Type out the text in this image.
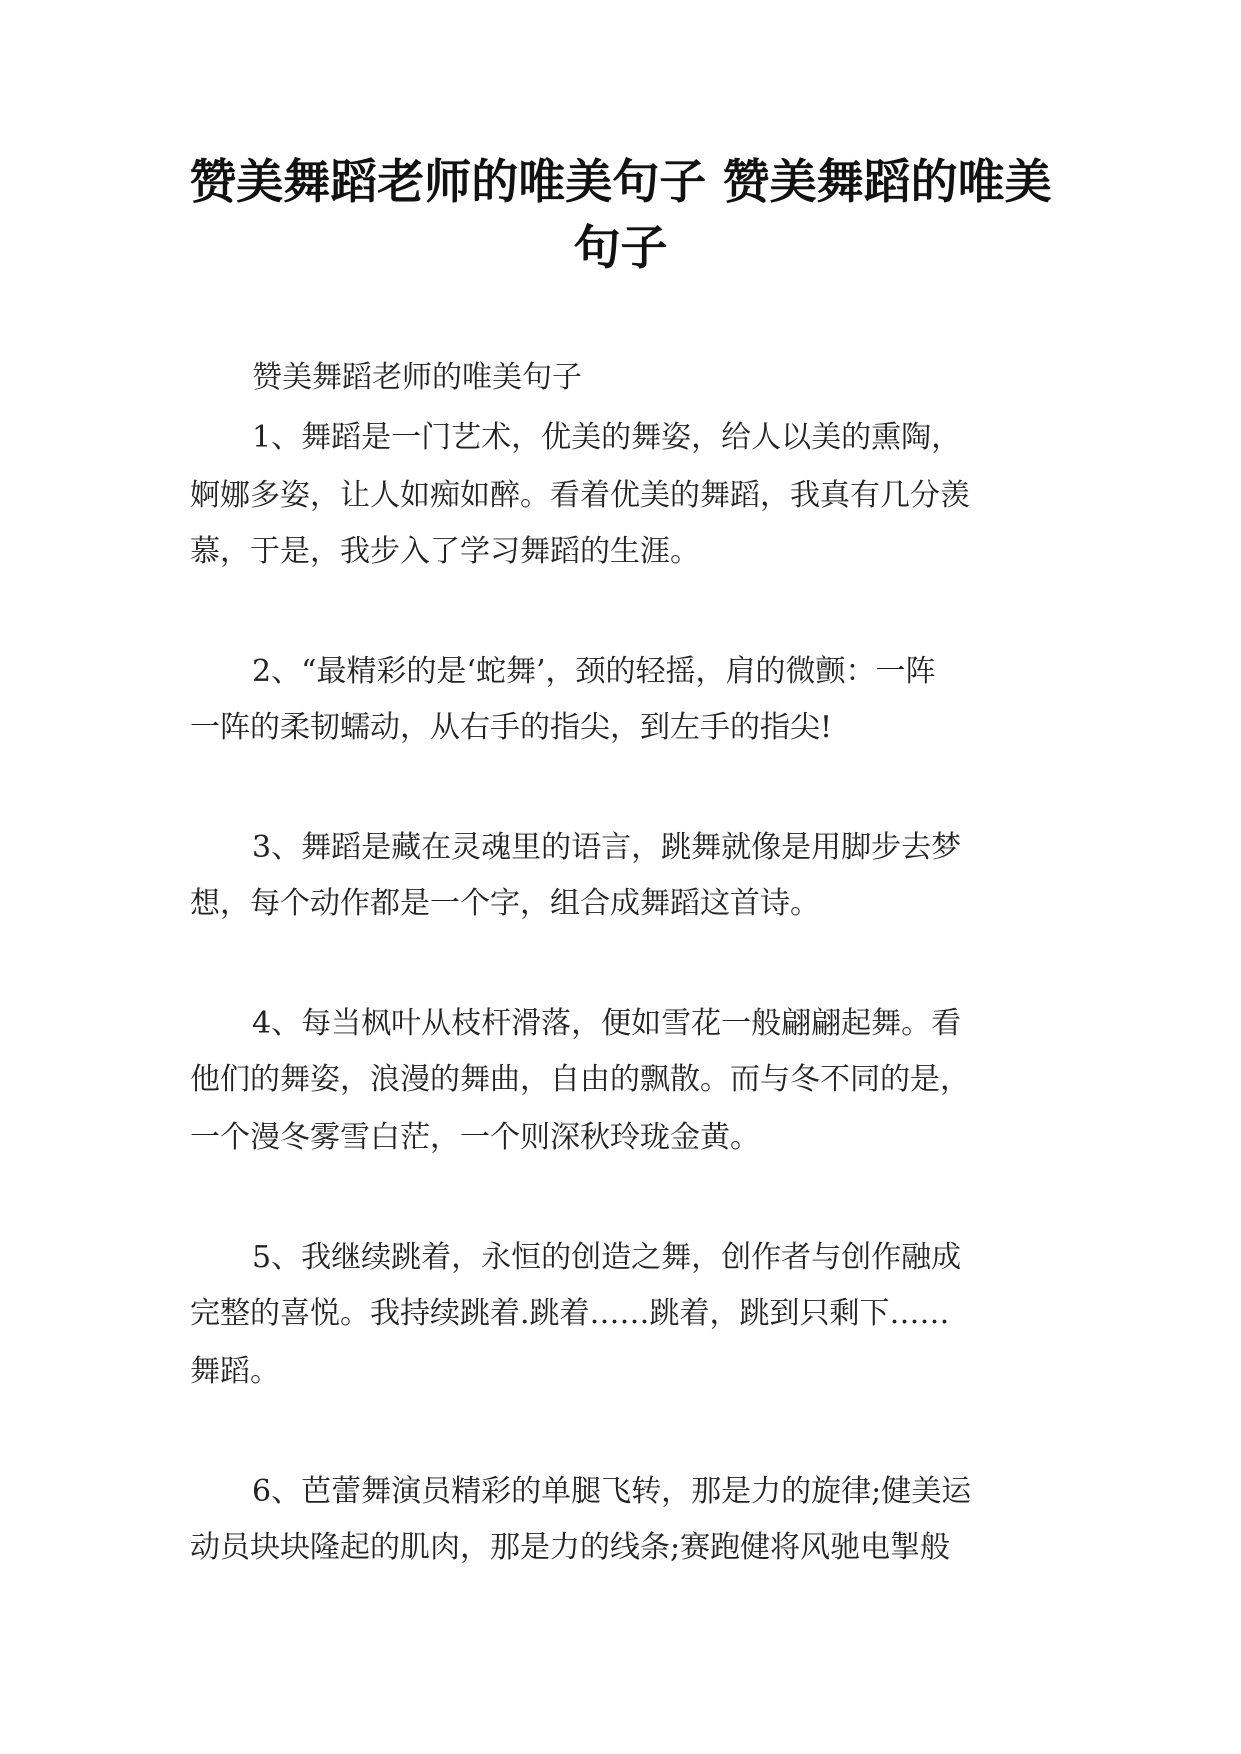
赞美舞蹈老师的唯美句子 赞美舞蹈的唯美
句子

赞美舞蹈老师的唯美句子

1、舞蹈是一门艺术，优美的舞姿，给人以美的熏陶，

婀娜多姿，让人如痴如醉。看着优美的舞蹈，我真有几分羡

慕，于是，我步入了学习舞蹈的生涯。

2、“最精彩的是‘蛇舞’，颈的轻摇，肩的微颤：一阵

一阵的柔韧蠕动，从右手的指尖，到左手的指尖!

3、舞蹈是藏在灵魂里的语言，跳舞就像是用脚步去梦

想，每个动作都是一个字，组合成舞蹈这首诗。

4、每当枫叶从枝杆滑落，便如雪花一般翩翩起舞。看

他们的舞姿，浪漫的舞曲，自由的飘散。而与冬不同的是，

一个漫冬雾雪白茫，一个则深秋玲珑金黄。

5、我继续跳着，永恒的创造之舞，创作者与创作融成

完整的喜悦。我持续跳着.跳着……跳着，跳到只剩下……

舞蹈。

6、芭蕾舞演员精彩的单腿飞转，那是力的旋律;健美运

动员块块隆起的肌肉，那是力的线条;赛跑健将风驰电掣般
